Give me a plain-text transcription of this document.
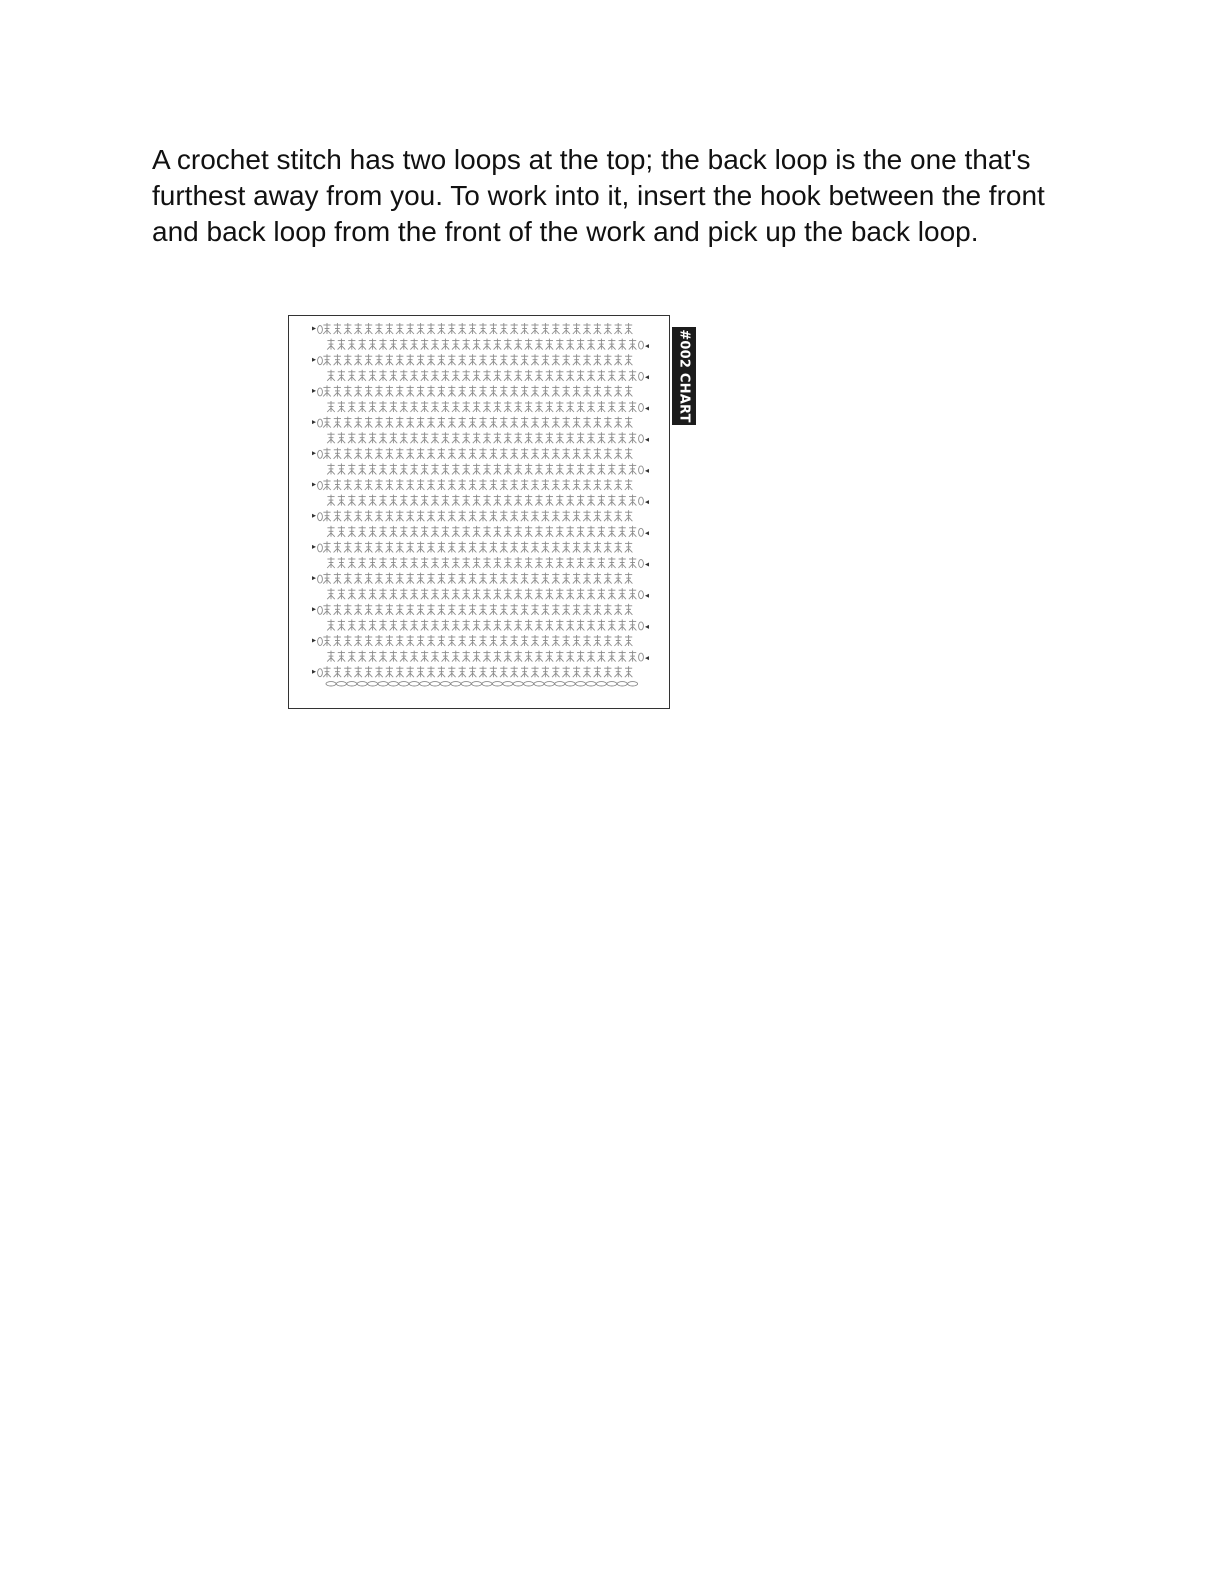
A crochet stitch has two loops at the top; the back loop is the one that's furthest away from you. To work into it, insert the hook between the front and back loop from the front of the work and pick up the back loop.

#002 CHART
